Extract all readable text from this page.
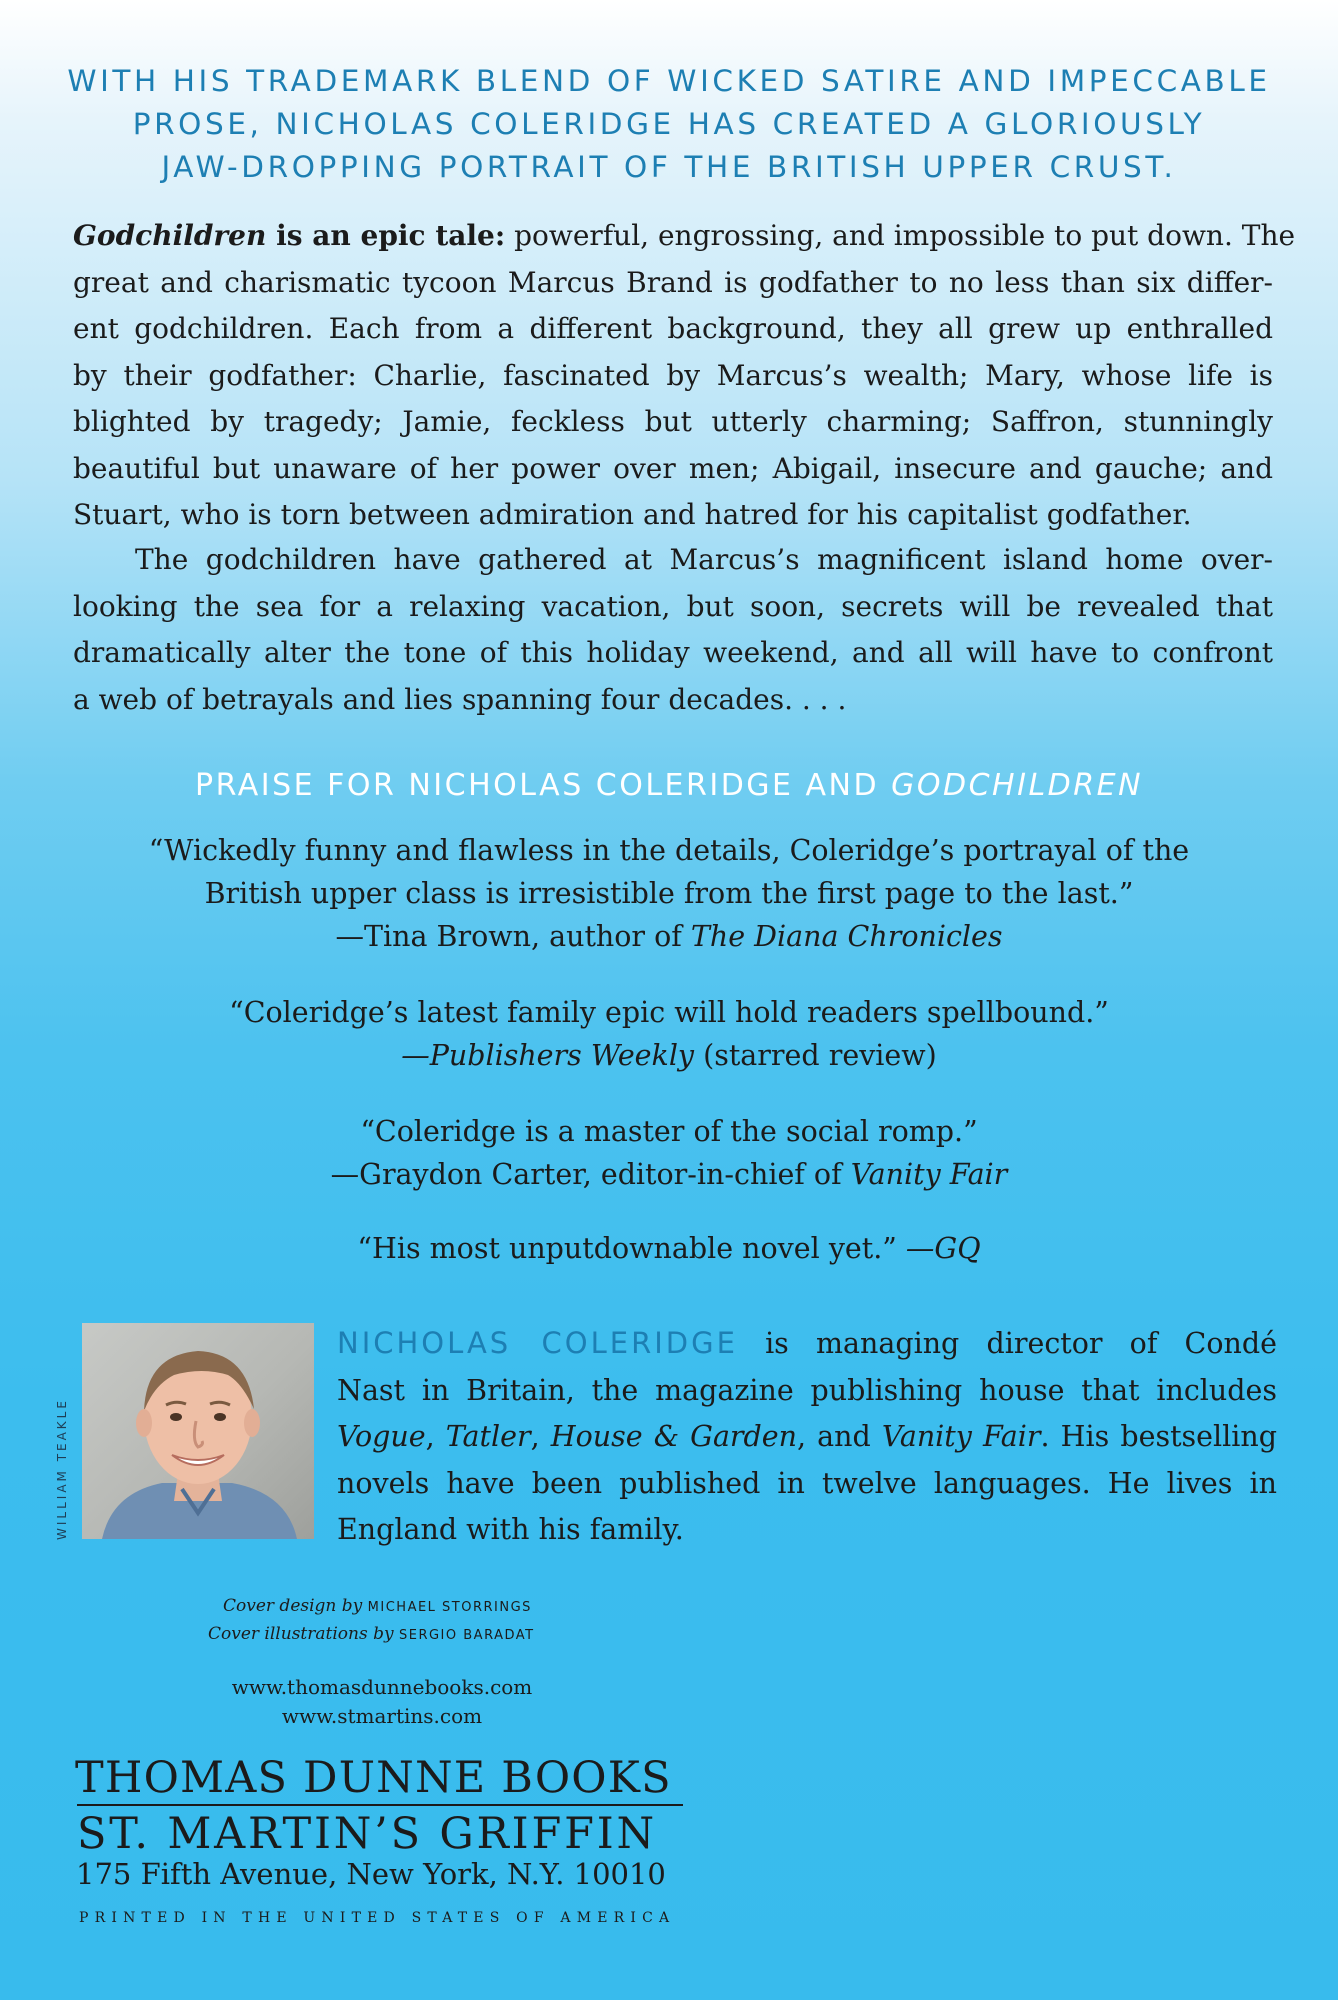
WITH HIS TRADEMARK BLEND OF WICKED SATIRE AND IMPECCABLE
PROSE, NICHOLAS COLERIDGE HAS CREATED A GLORIOUSLY
JAW-DROPPING PORTRAIT OF THE BRITISH UPPER CRUST.
Godchildren is an epic tale: powerful, engrossing, and impossible to put down. The
great and charismatic tycoon Marcus Brand is godfather to no less than six differ-
ent godchildren. Each from a different background, they all grew up enthralled
by their godfather: Charlie, fascinated by Marcus’s wealth; Mary, whose life is
blighted by tragedy; Jamie, feckless but utterly charming; Saffron, stunningly
beautiful but unaware of her power over men; Abigail, insecure and gauche; and
Stuart, who is torn between admiration and hatred for his capitalist godfather.
The godchildren have gathered at Marcus’s magnificent island home over-
looking the sea for a relaxing vacation, but soon, secrets will be revealed that
dramatically alter the tone of this holiday weekend, and all will have to confront
a web of betrayals and lies spanning four decades. . . .
PRAISE FOR NICHOLAS COLERIDGE AND GODCHILDREN
“Wickedly funny and flawless in the details, Coleridge’s portrayal of the
British upper class is irresistible from the first page to the last.”
—Tina Brown, author of The Diana Chronicles
“Coleridge’s latest family epic will hold readers spellbound.”
—Publishers Weekly (starred review)
“Coleridge is a master of the social romp.”
—Graydon Carter, editor-in-chief of Vanity Fair
“His most unputdownable novel yet.” —GQ
WILLIAM TEAKLE
NICHOLAS COLERIDGE is managing director of Condé
Nast in Britain, the magazine publishing house that includes
Vogue, Tatler, House & Garden, and Vanity Fair. His bestselling
novels have been published in twelve languages. He lives in
England with his family.
Cover design by MICHAEL STORRINGS
Cover illustrations by SERGIO BARADAT
www.thomasdunnebooks.com
www.stmartins.com
THOMAS DUNNE BOOKS
ST. MARTIN’S GRIFFIN
175 Fifth Avenue, New York, N.Y. 10010
PRINTED IN THE UNITED STATES OF AMERICA
